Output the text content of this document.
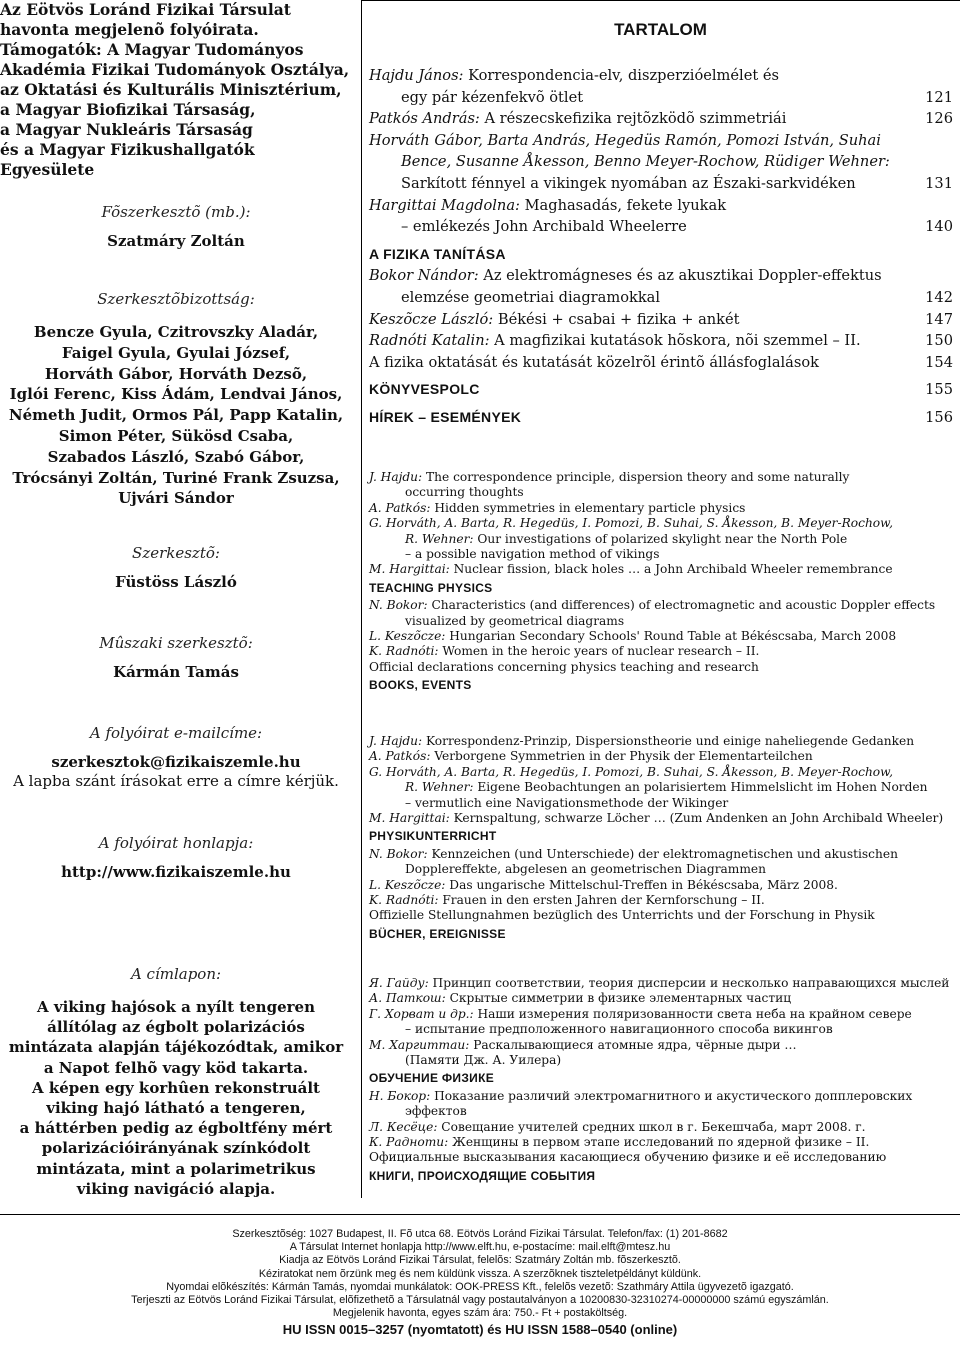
Az Eötvös Loránd Fizikai Társulat
havonta megjelenõ folyóirata.
Támogatók: A Magyar Tudományos
Akadémia Fizikai Tudományok Osztálya,
az Oktatási és Kulturális Minisztérium,
a Magyar Biofizikai Társaság,
a Magyar Nukleáris Társaság
és a Magyar Fizikushallgatók Egyesülete
Fõszerkesztõ (mb.):
Szatmáry Zoltán
Szerkesztõbizottság:
Bencze Gyula, Czitrovszky Aladár,
Faigel Gyula, Gyulai József,
Horváth Gábor, Horváth Dezsõ,
Iglói Ferenc, Kiss Ádám, Lendvai János,
Németh Judit, Ormos Pál, Papp Katalin,
Simon Péter, Sükösd Csaba,
Szabados László, Szabó Gábor,
Trócsányi Zoltán, Turiné Frank Zsuzsa,
Ujvári Sándor
Szerkesztõ:
Füstöss László
Mûszaki szerkesztõ:
Kármán Tamás
A folyóirat e-mailcíme:
szerkesztok@fizikaiszemle.hu
A lapba szánt írásokat erre a címre kérjük.
A folyóirat honlapja:
http://www.fizikaiszemle.hu
A címlapon:
A viking hajósok a nyílt tengeren
állítólag az égbolt polarizációs
mintázata alapján tájékozódtak, amikor
a Napot felhõ vagy köd takarta.
A képen egy korhûen rekonstruált
viking hajó látható a tengeren,
a háttérben pedig az égboltfény mért
polarizációirányának színkódolt
mintázata, mint a polarimetrikus
viking navigáció alapja.
TARTALOM
Hajdu János: Korrespondencia-elv, diszperzióelmélet és
egy pár kézenfekvõ ötlet	121
Patkós András: A részecskefizika rejtõzködõ szimmetriái	126
Horváth Gábor, Barta András, Hegedüs Ramón, Pomozi István, Suhai
Bence, Susanne Åkesson, Benno Meyer-Rochow, Rüdiger Wehner:
Sarkított fénnyel a vikingek nyomában az Északi-sarkvidéken	131
Hargittai Magdolna: Maghasadás, fekete lyukak
– emlékezés John Archibald Wheelerre	140
A FIZIKA TANÍTÁSA
Bokor Nándor: Az elektromágneses és az akusztikai Doppler-effektus
elemzése geometriai diagramokkal	142
Keszõcze László: Békési + csabai + fizika + ankét	147
Radnóti Katalin: A magfizikai kutatások hõskora, nõi szemmel – II.	150
A fizika oktatását és kutatását közelrõl érintõ állásfoglalások	154
KÖNYVESPOLC	155
HÍREK – ESEMÉNYEK	156
J. Hajdu: The correspondence principle, dispersion theory and some naturally
occurring thoughts
A. Patkós: Hidden symmetries in elementary particle physics
G. Horváth, A. Barta, R. Hegedüs, I. Pomozi, B. Suhai, S. Åkesson, B. Meyer-Rochow,
R. Wehner: Our investigations of polarized skylight near the North Pole
– a possible navigation method of vikings
M. Hargittai: Nuclear fission, black holes … a John Archibald Wheeler remembrance
TEACHING PHYSICS
N. Bokor: Characteristics (and differences) of electromagnetic and acoustic Doppler effects
visualized by geometrical diagrams
L. Keszõcze: Hungarian Secondary Schools' Round Table at Békéscsaba, March 2008
K. Radnóti: Women in the heroic years of nuclear research – II.
Official declarations concerning physics teaching and research
BOOKS, EVENTS
J. Hajdu: Korrespondenz-Prinzip, Dispersionstheorie und einige naheliegende Gedanken
A. Patkós: Verborgene Symmetrien in der Physik der Elementarteilchen
G. Horváth, A. Barta, R. Hegedüs, I. Pomozi, B. Suhai, S. Åkesson, B. Meyer-Rochow,
R. Wehner: Eigene Beobachtungen an polarisiertem Himmelslicht im Hohen Norden
– vermutlich eine Navigationsmethode der Wikinger
M. Hargittai: Kernspaltung, schwarze Löcher … (Zum Andenken an John Archibald Wheeler)
PHYSIKUNTERRICHT
N. Bokor: Kennzeichen (und Unterschiede) der elektromagnetischen und akustischen
Dopplereffekte, abgelesen an geometrischen Diagrammen
L. Keszõcze: Das ungarische Mittelschul-Treffen in Békéscsaba, März 2008.
K. Radnóti: Frauen in den ersten Jahren der Kernforschung – II.
Offizielle Stellungnahmen bezüglich des Unterrichts und der Forschung in Physik
BÜCHER, EREIGNISSE
Я. Гайду: Принцип соответствии, теория дисперсии и несколько направающихся мыслей
А. Паткош: Скрытые симметрии в физике элементарных частиц
Г. Хорват и др.: Наши измерения поляризованности света неба на крайном севере
– испытание предположенного навигационного способа викингов
М. Харгиттаи: Раскалывающиеся атомные ядра, чёрные дыри …
(Памяти Дж. А. Уилера)
ОБУЧЕНИЕ ФИЗИКЕ
Н. Бокор: Показание различий электромагнитного и акустического допплеровских
эффектов
Л. Кесёце: Совещание учителей средних школ в г. Бекешчаба, март 2008. г.
К. Радноти: Женщины в первом этапе исследований по ядерной физике – II.
Официальные высказывания касающиеся обучению физике и её исследованию
КНИГИ, ПРОИСХОДЯЩИЕ СОБЫТИЯ
Szerkesztõség: 1027 Budapest, II. Fõ utca 68. Eötvös Loránd Fizikai Társulat. Telefon/fax: (1) 201-8682
A Társulat Internet honlapja http://www.elft.hu, e-postacíme: mail.elft@mtesz.hu
Kiadja az Eötvös Loránd Fizikai Társulat, felelõs: Szatmáry Zoltán mb. fõszerkesztõ.
Kéziratokat nem õrzünk meg és nem küldünk vissza. A szerzõknek tiszteletpéldányt küldünk.
Nyomdai elõkészítés: Kármán Tamás, nyomdai munkálatok: OOK-PRESS Kft., felelõs vezetõ: Szathmáry Attila ügyvezetõ igazgató.
Terjeszti az Eötvös Loránd Fizikai Társulat, elõfizethetõ a Társulatnál vagy postautalványon a 10200830-32310274-00000000 számú egyszámlán.
Megjelenik havonta, egyes szám ára: 750.- Ft + postaköltség.
HU ISSN 0015–3257 (nyomtatott) és HU ISSN 1588–0540 (online)
